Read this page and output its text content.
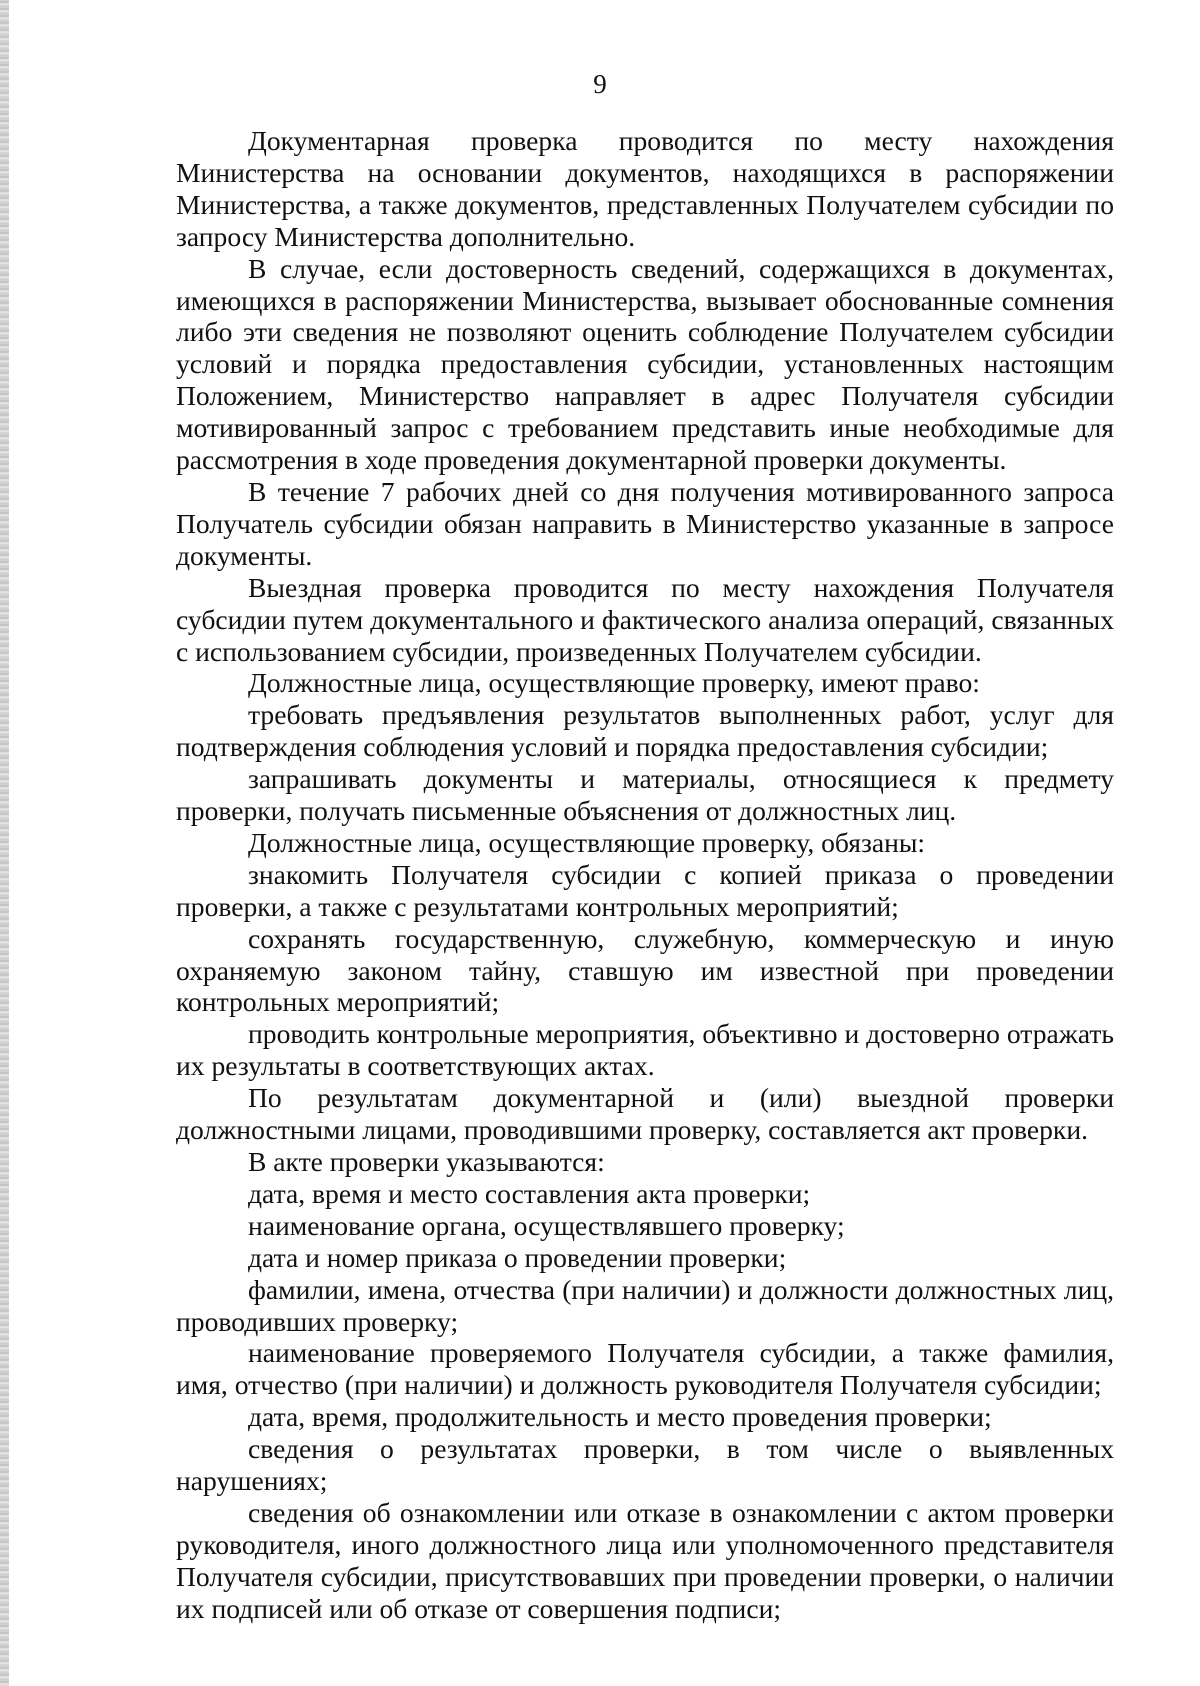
9

Документарная проверка проводится по месту нахождения Министерства на основании документов, находящихся в распоряжении Министерства, а также документов, представленных Получателем субсидии по запросу Министерства дополнительно.

В случае, если достоверность сведений, содержащихся в документах, имеющихся в распоряжении Министерства, вызывает обоснованные сомнения либо эти сведения не позволяют оценить соблюдение Получателем субсидии условий и порядка предоставления субсидии, установленных настоящим Положением, Министерство направляет в адрес Получателя субсидии мотивированный запрос с требованием представить иные необходимые для рассмотрения в ходе проведения документарной проверки документы.

В течение 7 рабочих дней со дня получения мотивированного запроса Получатель субсидии обязан направить в Министерство указанные в запросе документы.

Выездная проверка проводится по месту нахождения Получателя субсидии путем документального и фактического анализа операций, связанных с использованием субсидии, произведенных Получателем субсидии.

Должностные лица, осуществляющие проверку, имеют право:

требовать предъявления результатов выполненных работ, услуг для подтверждения соблюдения условий и порядка предоставления субсидии;

запрашивать документы и материалы, относящиеся к предмету проверки, получать письменные объяснения от должностных лиц.

Должностные лица, осуществляющие проверку, обязаны:

знакомить Получателя субсидии с копией приказа о проведении проверки, а также с результатами контрольных мероприятий;

сохранять государственную, служебную, коммерческую и иную охраняемую законом тайну, ставшую им известной при проведении контрольных мероприятий;

проводить контрольные мероприятия, объективно и достоверно отражать их результаты в соответствующих актах.

По результатам документарной и (или) выездной проверки должностными лицами, проводившими проверку, составляется акт проверки.

В акте проверки указываются:

дата, время и место составления акта проверки;

наименование органа, осуществлявшего проверку;

дата и номер приказа о проведении проверки;

фамилии, имена, отчества (при наличии) и должности должностных лиц, проводивших проверку;

наименование проверяемого Получателя субсидии, а также фамилия, имя, отчество (при наличии) и должность руководителя Получателя субсидии;

дата, время, продолжительность и место проведения проверки;

сведения о результатах проверки, в том числе о выявленных нарушениях;

сведения об ознакомлении или отказе в ознакомлении с актом проверки руководителя, иного должностного лица или уполномоченного представителя Получателя субсидии, присутствовавших при проведении проверки, о наличии их подписей или об отказе от совершения подписи;
